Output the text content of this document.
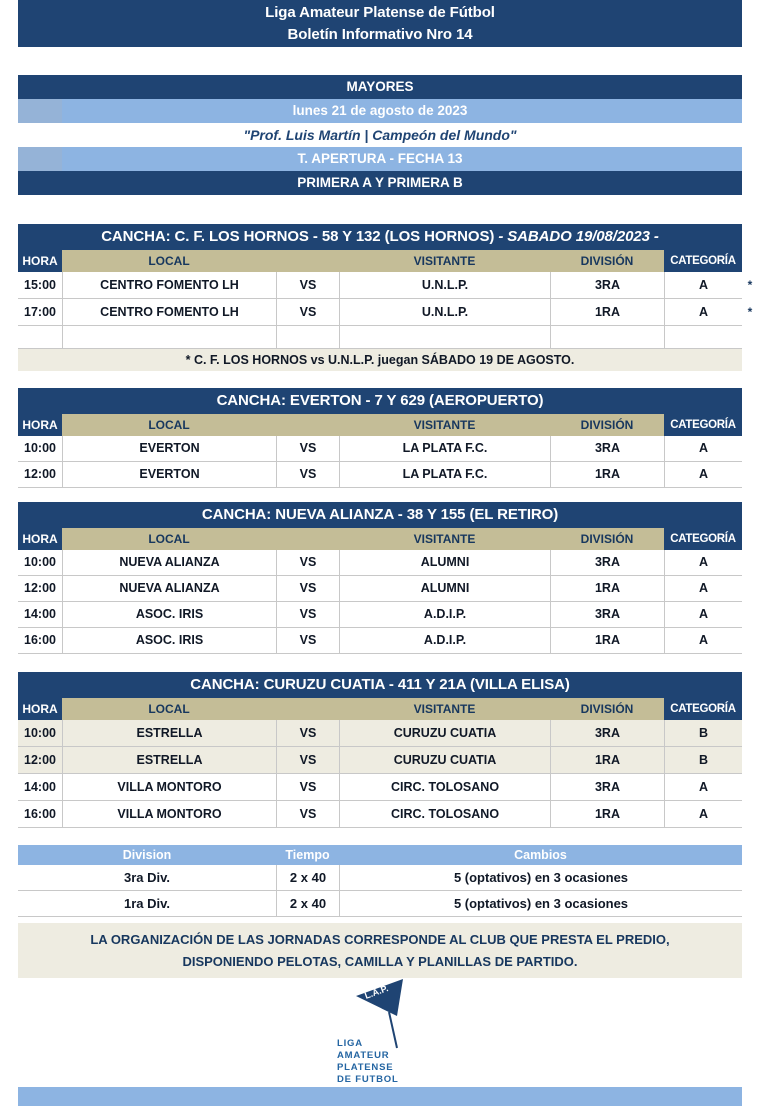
Liga Amateur Platense de Fútbol
Boletín Informativo Nro 14
MAYORES
lunes 21 de agosto de 2023
"Prof. Luis Martín | Campeón del Mundo"
T. APERTURA - FECHA 13
PRIMERA A Y PRIMERA B
CANCHA: C. F. LOS HORNOS - 58 Y 132 (LOS HORNOS) - SABADO 19/08/2023 -
HORA	LOCAL	VISITANTE	DIVISIÓN	CATEGORÍA
15:00	CENTRO FOMENTO LH	VS	U.N.L.P.	3RA	A	*
17:00	CENTRO FOMENTO LH	VS	U.N.L.P.	1RA	A	*
* C. F. LOS HORNOS vs U.N.L.P. juegan SÁBADO 19 DE AGOSTO.
CANCHA: EVERTON - 7 Y 629 (AEROPUERTO)
HORA	LOCAL	VISITANTE	DIVISIÓN	CATEGORÍA
10:00	EVERTON	VS	LA PLATA F.C.	3RA	A
12:00	EVERTON	VS	LA PLATA F.C.	1RA	A
CANCHA: NUEVA ALIANZA - 38 Y 155 (EL RETIRO)
HORA	LOCAL	VISITANTE	DIVISIÓN	CATEGORÍA
10:00	NUEVA ALIANZA	VS	ALUMNI	3RA	A
12:00	NUEVA ALIANZA	VS	ALUMNI	1RA	A
14:00	ASOC. IRIS	VS	A.D.I.P.	3RA	A
16:00	ASOC. IRIS	VS	A.D.I.P.	1RA	A
CANCHA: CURUZU CUATIA - 411 Y 21A (VILLA ELISA)
HORA	LOCAL	VISITANTE	DIVISIÓN	CATEGORÍA
10:00	ESTRELLA	VS	CURUZU CUATIA	3RA	B
12:00	ESTRELLA	VS	CURUZU CUATIA	1RA	B
14:00	VILLA MONTORO	VS	CIRC. TOLOSANO	3RA	A
16:00	VILLA MONTORO	VS	CIRC. TOLOSANO	1RA	A
Division	Tiempo	Cambios
3ra Div.	2 x 40	5 (optativos) en 3 ocasiones
1ra Div.	2 x 40	5 (optativos) en 3 ocasiones
LA ORGANIZACIÓN DE LAS JORNADAS CORRESPONDE AL CLUB QUE PRESTA EL PREDIO,
DISPONIENDO PELOTAS, CAMILLA Y PLANILLAS DE PARTIDO.
L.A.P.
LIGA
AMATEUR
PLATENSE
DE FUTBOL
